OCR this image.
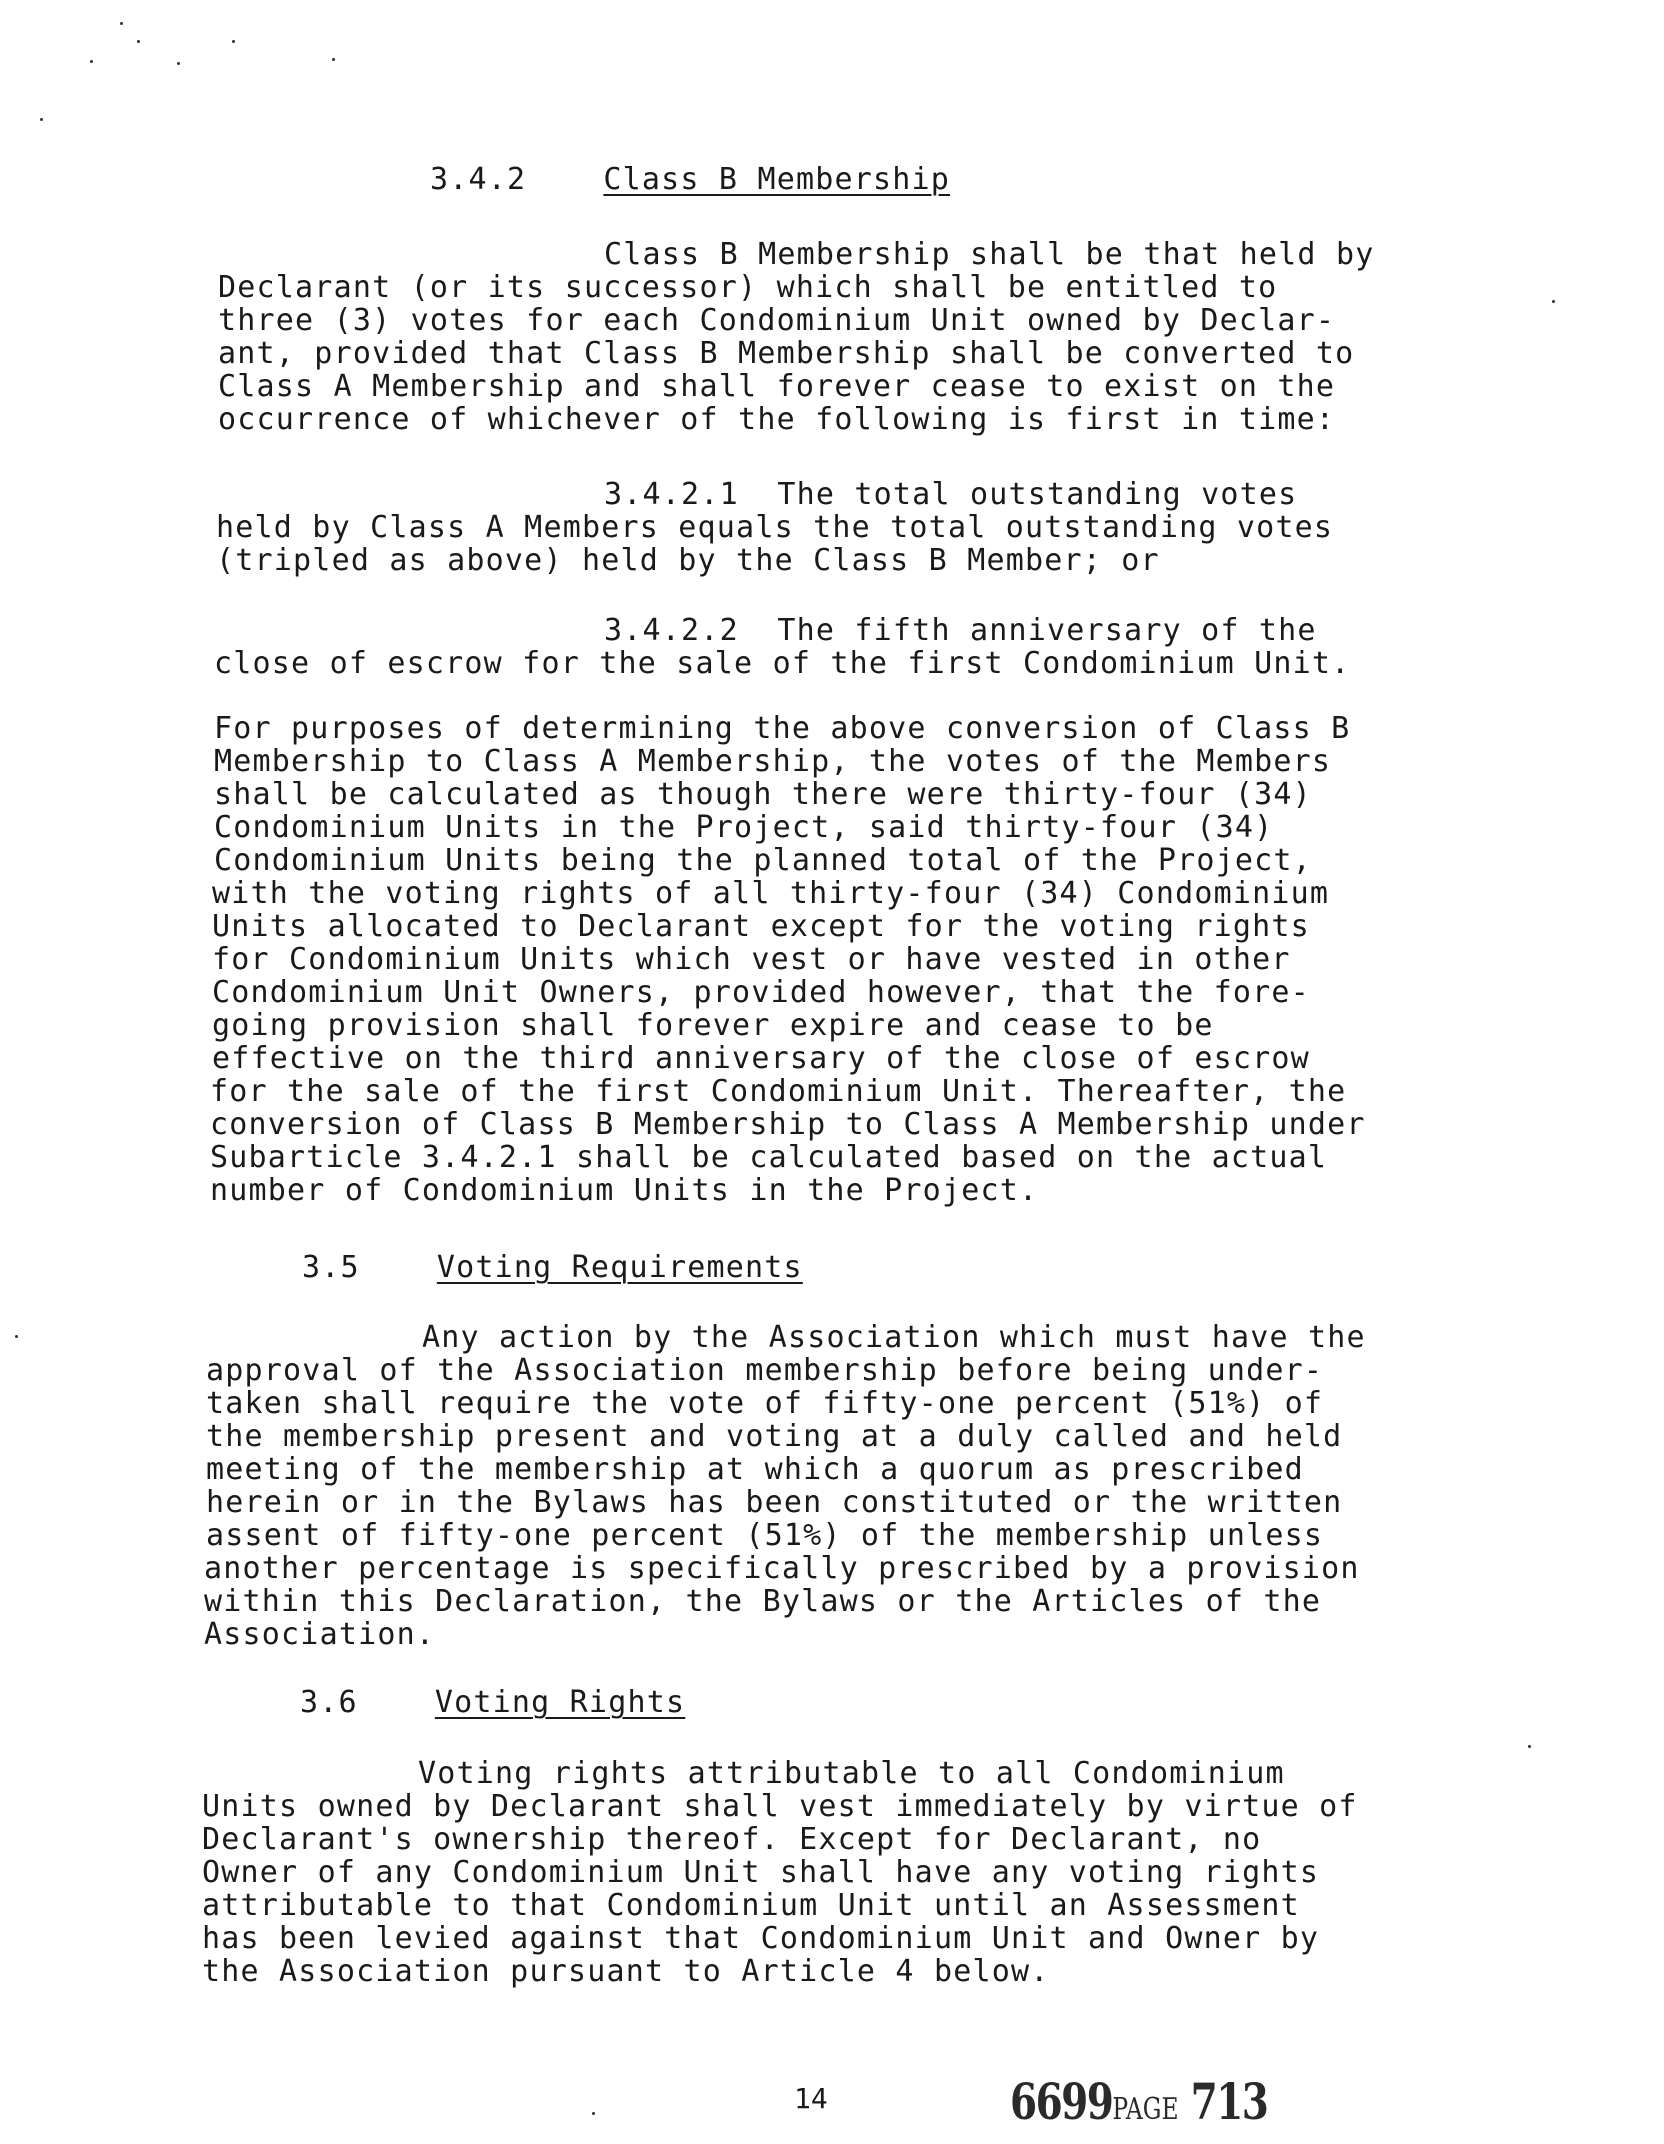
3.4.2	Class B Membership
Class B Membership shall be that held by
Declarant (or its successor) which shall be entitled to
three (3) votes for each Condominium Unit owned by Declar-
ant, provided that Class B Membership shall be converted to
Class A Membership and shall forever cease to exist on the
occurrence of whichever of the following is first in time:
3.4.2.1  The total outstanding votes
held by Class A Members equals the total outstanding votes
(tripled as above) held by the Class B Member; or
3.4.2.2  The fifth anniversary of the
close of escrow for the sale of the first Condominium Unit.
For purposes of determining the above conversion of Class B
Membership to Class A Membership, the votes of the Members
shall be calculated as though there were thirty-four (34)
Condominium Units in the Project, said thirty-four (34)
Condominium Units being the planned total of the Project,
with the voting rights of all thirty-four (34) Condominium
Units allocated to Declarant except for the voting rights
for Condominium Units which vest or have vested in other
Condominium Unit Owners, provided however, that the fore-
going provision shall forever expire and cease to be
effective on the third anniversary of the close of escrow
for the sale of the first Condominium Unit. Thereafter, the
conversion of Class B Membership to Class A Membership under
Subarticle 3.4.2.1 shall be calculated based on the actual
number of Condominium Units in the Project.
3.5	Voting Requirements
Any action by the Association which must have the
approval of the Association membership before being under-
taken shall require the vote of fifty-one percent (51%) of
the membership present and voting at a duly called and held
meeting of the membership at which a quorum as prescribed
herein or in the Bylaws has been constituted or the written
assent of fifty-one percent (51%) of the membership unless
another percentage is specifically prescribed by a provision
within this Declaration, the Bylaws or the Articles of the
Association.
3.6	Voting Rights
Voting rights attributable to all Condominium
Units owned by Declarant shall vest immediately by virtue of
Declarant's ownership thereof. Except for Declarant, no
Owner of any Condominium Unit shall have any voting rights
attributable to that Condominium Unit until an Assessment
has been levied against that Condominium Unit and Owner by
the Association pursuant to Article 4 below.
14	6699PAGE 713
